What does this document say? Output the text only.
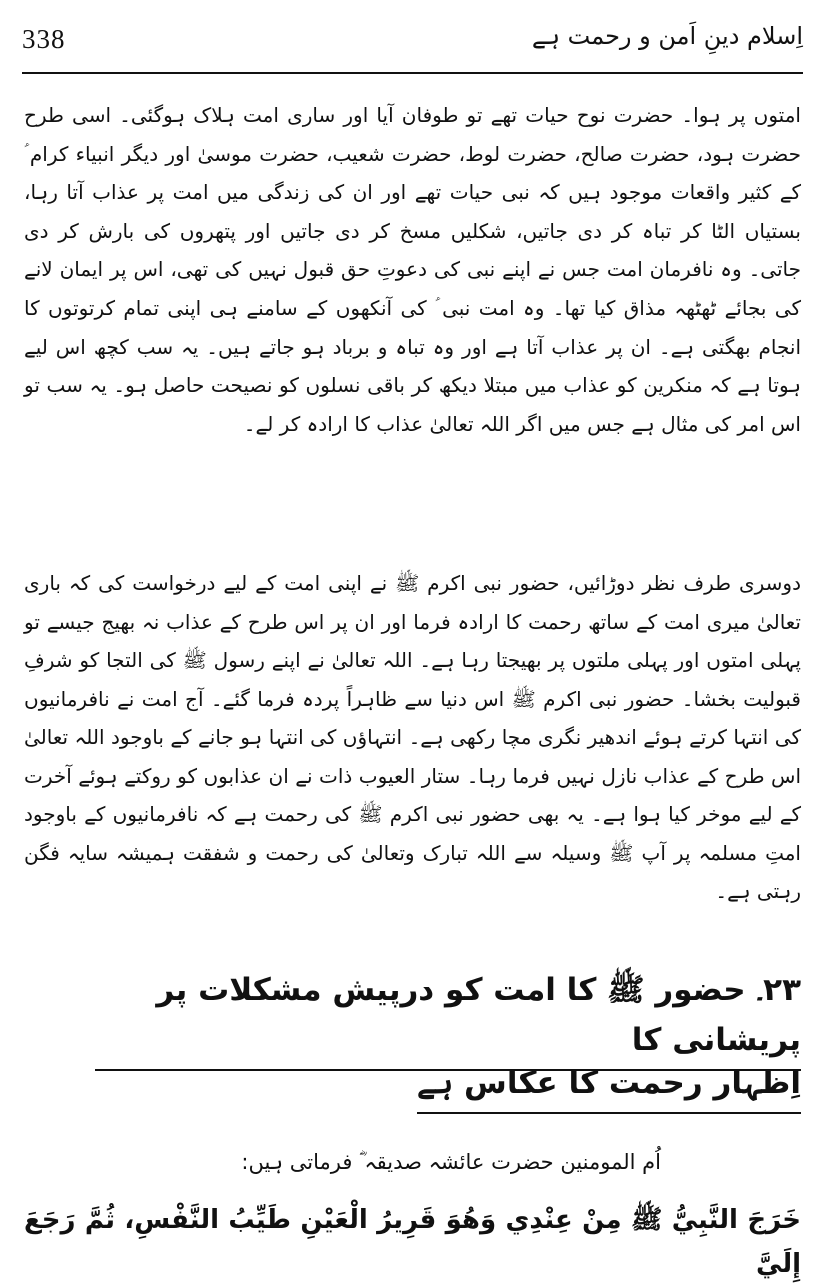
338	اِسلام دینِ اَمن و رحمت ہے

امتوں پر ہوا۔ حضرت نوح حیات تھے تو طوفان آیا اور ساری امت ہلاک ہوگئی۔ اسی طرح حضرت ہود، حضرت صالح، حضرت لوط، حضرت شعیب، حضرت موسیٰ اور دیگر انبیاء کرام ؑ کے کثیر واقعات موجود ہیں کہ نبی حیات تھے اور ان کی زندگی میں امت پر عذاب آتا رہا، بستیاں الٹا کر تباہ کر دی جاتیں، شکلیں مسخ کر دی جاتیں اور پتھروں کی بارش کر دی جاتی۔ وہ نافرمان امت جس نے اپنے نبی کی دعوتِ حق قبول نہیں کی تھی، اس پر ایمان لانے کی بجائے ٹھٹھہ مذاق کیا تھا۔ وہ امت نبی ؑ کی آنکھوں کے سامنے ہی اپنی تمام کرتوتوں کا انجام بھگتی ہے۔ ان پر عذاب آتا ہے اور وہ تباہ و برباد ہو جاتے ہیں۔ یہ سب کچھ اس لیے ہوتا ہے کہ منکرین کو عذاب میں مبتلا دیکھ کر باقی نسلوں کو نصیحت حاصل ہو۔ یہ سب تو اس امر کی مثال ہے جس میں اگر اللہ تعالیٰ عذاب کا ارادہ کر لے۔

دوسری طرف نظر دوڑائیں، حضور نبی اکرم ﷺ نے اپنی امت کے لیے درخواست کی کہ باری تعالیٰ میری امت کے ساتھ رحمت کا ارادہ فرما اور ان پر اس طرح کے عذاب نہ بھیج جیسے تو پہلی امتوں اور پہلی ملتوں پر بھیجتا رہا ہے۔ اللہ تعالیٰ نے اپنے رسول ﷺ کی التجا کو شرفِ قبولیت بخشا۔ حضور نبی اکرم ﷺ اس دنیا سے ظاہراً پردہ فرما گئے۔ آج امت نے نافرمانیوں کی انتہا کرتے ہوئے اندھیر نگری مچا رکھی ہے۔ انتہاؤں کی انتہا ہو جانے کے باوجود اللہ تعالیٰ اس طرح کے عذاب نازل نہیں فرما رہا۔ ستار العیوب ذات نے ان عذابوں کو روکتے ہوئے آخرت کے لیے موخر کیا ہوا ہے۔ یہ بھی حضور نبی اکرم ﷺ کی رحمت ہے کہ نافرمانیوں کے باوجود امتِ مسلمہ پر آپ ﷺ وسیلہ سے اللہ تبارک وتعالیٰ کی رحمت و شفقت ہمیشہ سایہ فگن رہتی ہے۔

۲۳۔ حضور ﷺ کا امت کو درپیش مشکلات پر پریشانی کا
اِظہار رحمت کا عکاس ہے

اُم المومنین حضرت عائشہ صدیقہ ؓ فرماتی ہیں:

خَرَجَ النَّبِيُّ ﷺ مِنْ عِنْدِي وَهُوَ قَرِيرُ الْعَيْنِ طَيِّبُ النَّفْسِ، ثُمَّ رَجَعَ إِلَيَّ
